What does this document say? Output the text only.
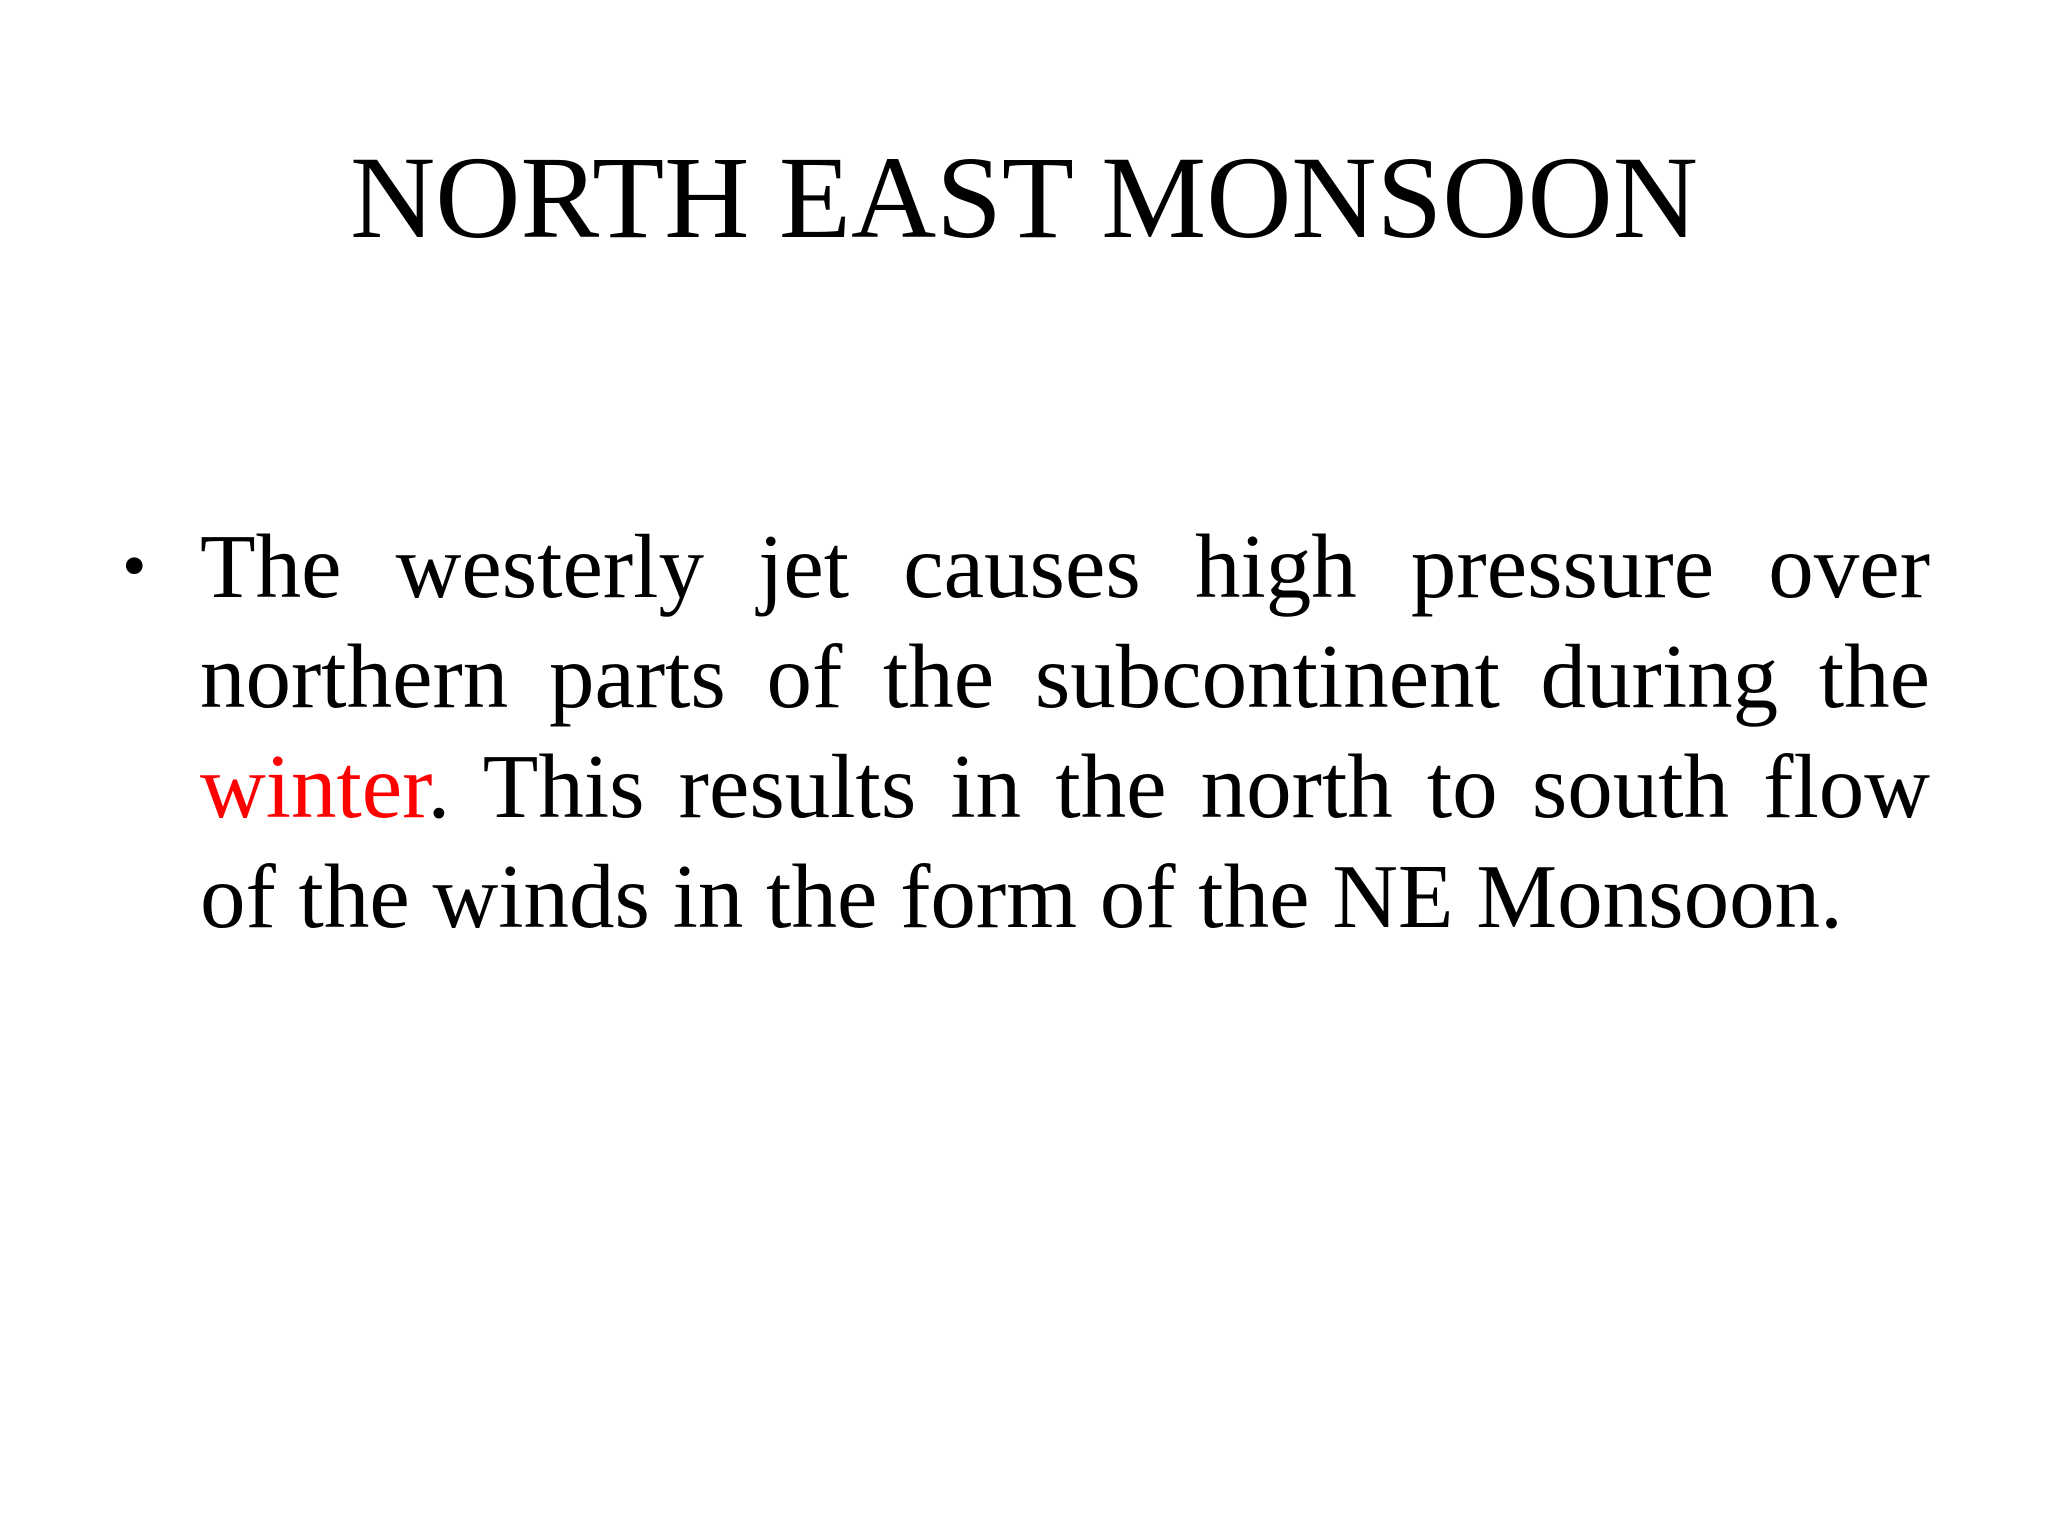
NORTH EAST MONSOON
• The westerly jet causes high pressure over northern parts of the subcontinent during the winter. This results in the north to south flow of the winds in the form of the NE Monsoon.
